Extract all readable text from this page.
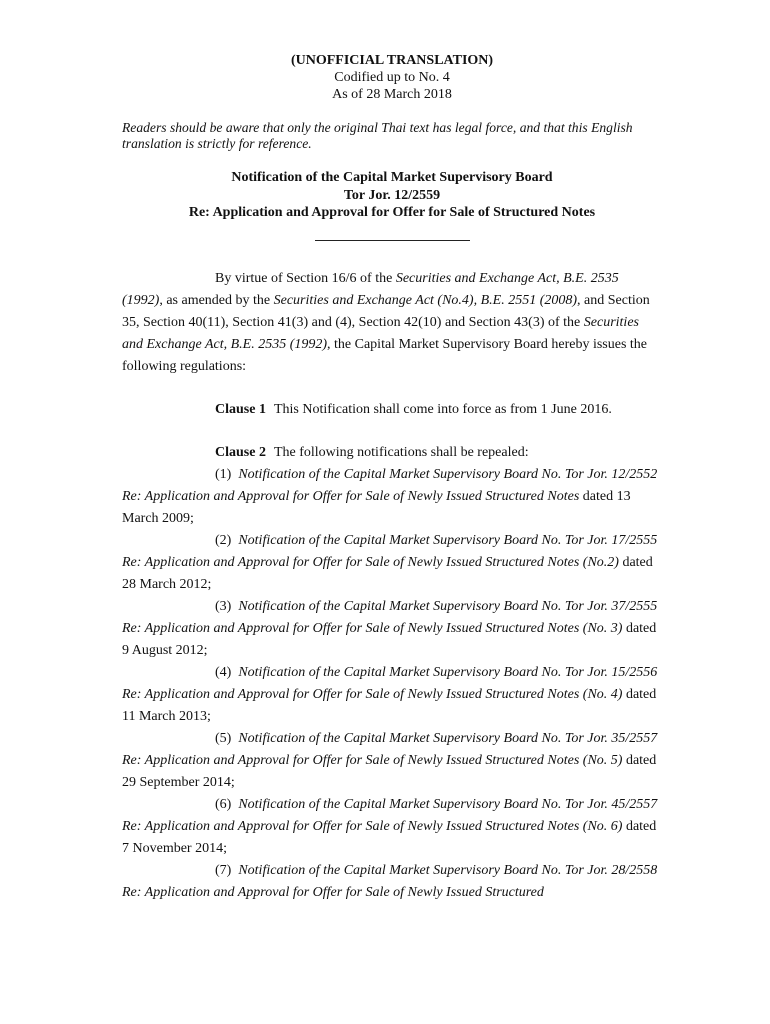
(UNOFFICIAL TRANSLATION)
Codified up to No. 4
As of 28 March 2018
Readers should be aware that only the original Thai text has legal force, and that this English translation is strictly for reference.
Notification of the Capital Market Supervisory Board
Tor Jor. 12/2559
Re: Application and Approval for Offer for Sale of Structured Notes

By virtue of Section 16/6 of the Securities and Exchange Act, B.E. 2535 (1992), as amended by the Securities and Exchange Act (No.4), B.E. 2551 (2008), and Section 35, Section 40(11), Section 41(3) and (4), Section 42(10) and Section 43(3) of the Securities and Exchange Act, B.E. 2535 (1992), the Capital Market Supervisory Board hereby issues the following regulations:

Clause 1 This Notification shall come into force as from 1 June 2016.
Clause 2 The following notifications shall be repealed:

(1) Notification of the Capital Market Supervisory Board No. Tor Jor. 12/2552 Re: Application and Approval for Offer for Sale of Newly Issued Structured Notes dated 13 March 2009;

(2) Notification of the Capital Market Supervisory Board No. Tor Jor. 17/2555 Re: Application and Approval for Offer for Sale of Newly Issued Structured Notes (No.2) dated 28 March 2012;

(3) Notification of the Capital Market Supervisory Board No. Tor Jor. 37/2555 Re: Application and Approval for Offer for Sale of Newly Issued Structured Notes (No. 3) dated 9 August 2012;

(4) Notification of the Capital Market Supervisory Board No. Tor Jor. 15/2556 Re: Application and Approval for Offer for Sale of Newly Issued Structured Notes (No. 4) dated 11 March 2013;

(5) Notification of the Capital Market Supervisory Board No. Tor Jor. 35/2557 Re: Application and Approval for Offer for Sale of Newly Issued Structured Notes (No. 5) dated 29 September 2014;

(6) Notification of the Capital Market Supervisory Board No. Tor Jor. 45/2557 Re: Application and Approval for Offer for Sale of Newly Issued Structured Notes (No. 6) dated 7 November 2014;

(7) Notification of the Capital Market Supervisory Board No. Tor Jor. 28/2558 Re: Application and Approval for Offer for Sale of Newly Issued Structured
